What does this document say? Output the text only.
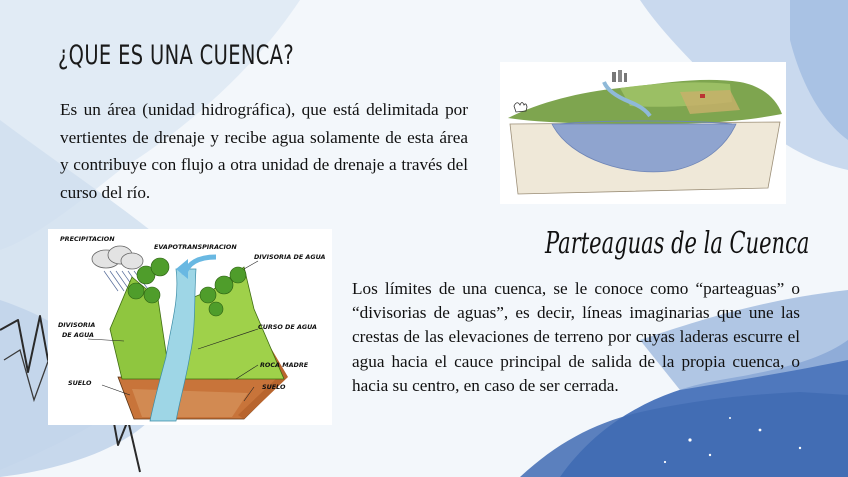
¿QUE ES UNA CUENCA?

Es un área (unidad hidrográfica), que está delimitada por vertientes de drenaje y recibe agua solamente de esta área y contribuye con flujo a otra unidad de drenaje a través del curso del río.

Parteaguas de la Cuenca

Los límites de una cuenca, se le conoce como “parteaguas” o “divisorias de aguas”, es decir, líneas imaginarias que une las crestas de las elevaciones de terreno por cuyas laderas escurre el agua hacia el cauce principal de salida de la propia cuenca, o hacia su centro, en caso de ser cerrada.

PRECIPITACION
EVAPOTRANSPIRACION
DIVISORIA DE AGUA
DIVISORIA
DE AGUA
CURSO DE AGUA
ROCA MADRE
SUELO	SUELO
